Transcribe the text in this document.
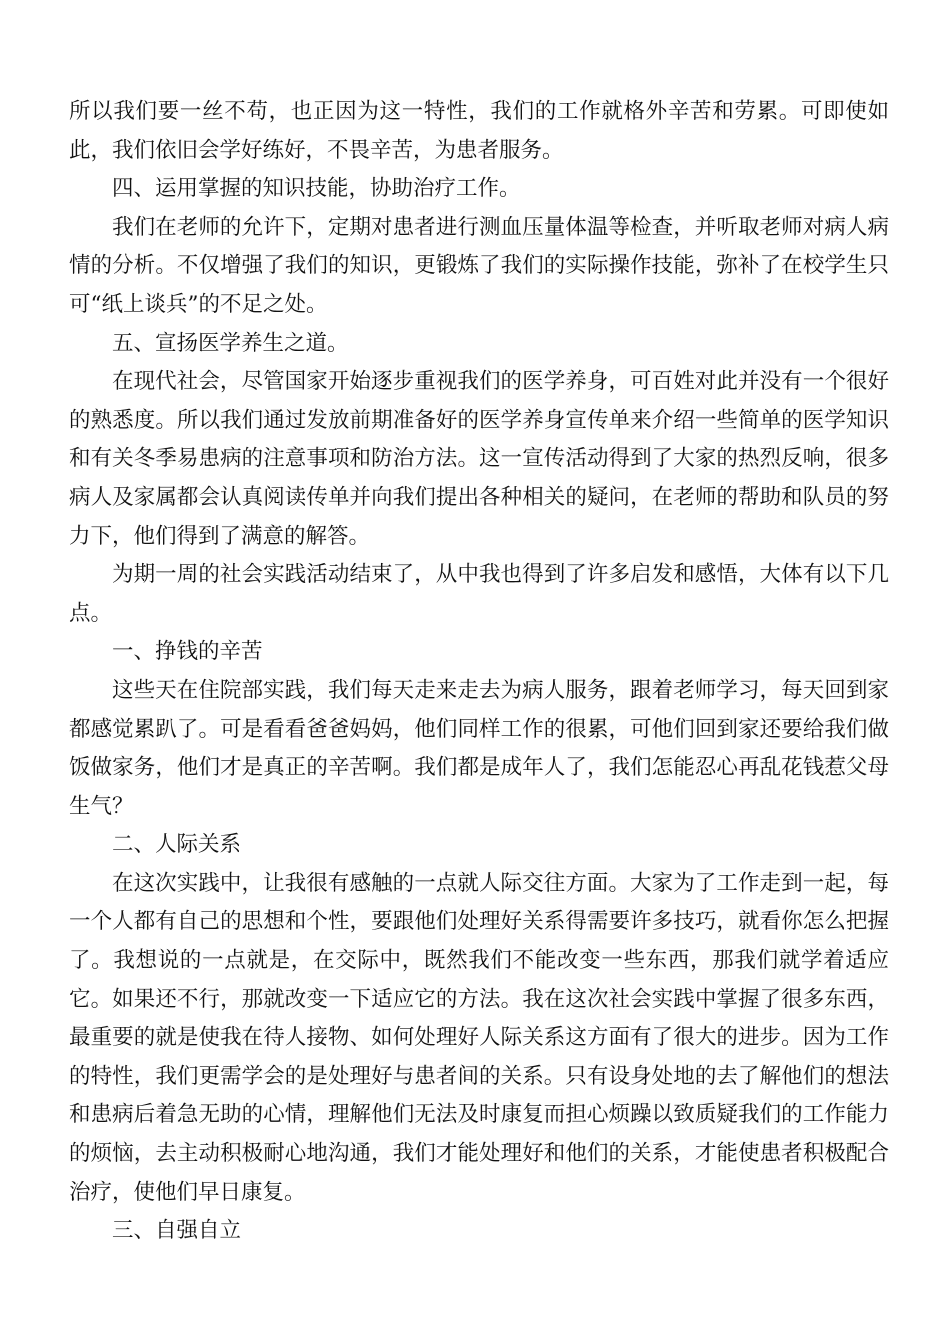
所以我们要一丝不苟，也正因为这一特性，我们的工作就格外辛苦和劳累。可即使如此，我们依旧会学好练好，不畏辛苦，为患者服务。

四、运用掌握的知识技能，协助治疗工作。

我们在老师的允许下，定期对患者进行测血压量体温等检查，并听取老师对病人病情的分析。不仅增强了我们的知识，更锻炼了我们的实际操作技能，弥补了在校学生只可“纸上谈兵”的不足之处。

五、宣扬医学养生之道。

在现代社会，尽管国家开始逐步重视我们的医学养身，可百姓对此并没有一个很好的熟悉度。所以我们通过发放前期准备好的医学养身宣传单来介绍一些简单的医学知识和有关冬季易患病的注意事项和防治方法。这一宣传活动得到了大家的热烈反响，很多病人及家属都会认真阅读传单并向我们提出各种相关的疑问，在老师的帮助和队员的努力下，他们得到了满意的解答。

为期一周的社会实践活动结束了，从中我也得到了许多启发和感悟，大体有以下几点。

一、挣钱的辛苦

这些天在住院部实践，我们每天走来走去为病人服务，跟着老师学习，每天回到家都感觉累趴了。可是看看爸爸妈妈，他们同样工作的很累，可他们回到家还要给我们做饭做家务，他们才是真正的辛苦啊。我们都是成年人了，我们怎能忍心再乱花钱惹父母生气？

二、人际关系

在这次实践中，让我很有感触的一点就人际交往方面。大家为了工作走到一起，每一个人都有自己的思想和个性，要跟他们处理好关系得需要许多技巧，就看你怎么把握了。我想说的一点就是，在交际中，既然我们不能改变一些东西，那我们就学着适应它。如果还不行，那就改变一下适应它的方法。我在这次社会实践中掌握了很多东西，最重要的就是使我在待人接物、如何处理好人际关系这方面有了很大的进步。因为工作的特性，我们更需学会的是处理好与患者间的关系。只有设身处地的去了解他们的想法和患病后着急无助的心情，理解他们无法及时康复而担心烦躁以致质疑我们的工作能力的烦恼，去主动积极耐心地沟通，我们才能处理好和他们的关系，才能使患者积极配合治疗，使他们早日康复。

三、自强自立
